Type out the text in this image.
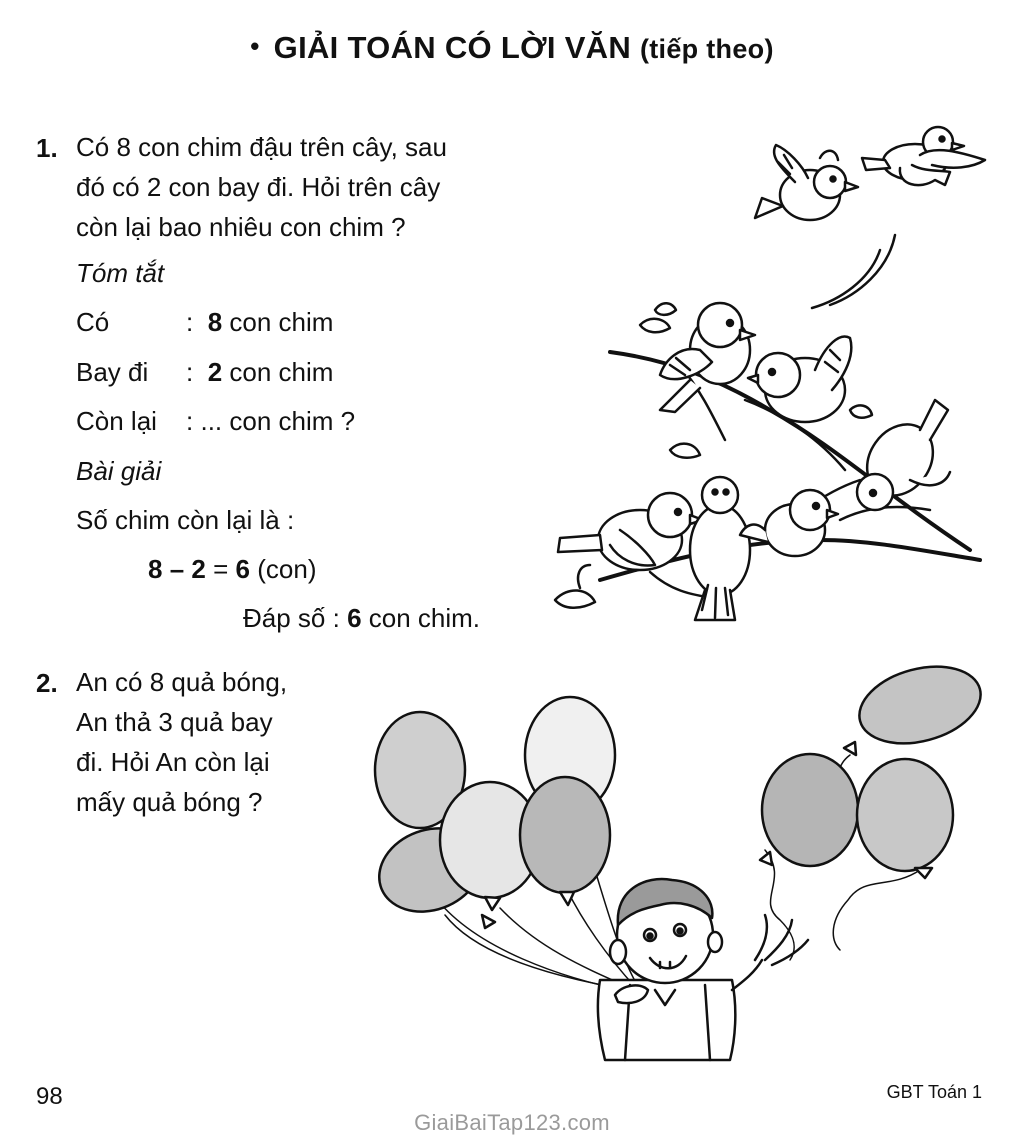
• GIẢI TOÁN CÓ LỜI VĂN (tiếp theo)
1. Có 8 con chim đậu trên cây, sau
đó có 2 con bay đi. Hỏi trên cây
còn lại bao nhiêu con chim ?
Tóm tắt
Có	: 8 con chim
Bay đi : 2 con chim
Còn lại : ... con chim ?
Bài giải
Số chim còn lại là :
8 – 2 = 6 (con)
Đáp số : 6 con chim.
2. An có 8 quả bóng,
An thả 3 quả bay
đi. Hỏi An còn lại
mấy quả bóng ?
98	GBT Toán 1
GiaiBaiTap123.com
